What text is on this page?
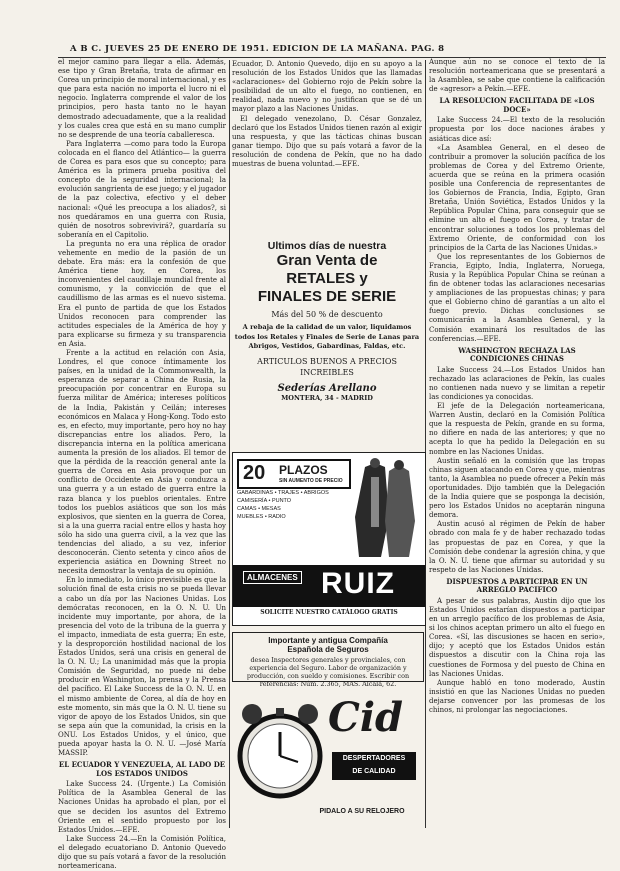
A B C. JUEVES 25 DE ENERO DE 1951. EDICION DE LA MAÑANA. PAG. 8

el mejor camino para llegar a ella. Además, ese tipo y Gran Bretaña, trata de afirmar en Corea un principio de moral internacional, y es que para esta nación no importa el lucro ni el negocio. Inglaterra comprende el valor de los principios, pero hasta tanto no le hayan demostrado adecuadamente, que a la realidad y los cuales crea que está en su mano cumplir no se desprende de una teoría caballeresca.

Para Inglaterra —como para todo la Europa colocada en el flanco del Atlántico— la guerra de Corea es para esos que su concepto; para América es la primera prueba positiva del concepto de la seguridad internacional; la evolución sangrienta de ese juego; y el jugador de la paz colectiva, efectivo y el deber nacional: «Qué les preocupa a los aliados?, si nos quedáramos en una guerra con Rusia, quién de nosotros sobrevivirá?, guardaría su soberanía en el Capitolio.

La pregunta no era una réplica de orador vehemente en medio de la pasión de un debate. Era más: era la confesión de que América tiene hoy, en Corea, los inconvenientes del caudillaje mundial frente al comunismo, y la convicción de que el caudillismo de las armas es el nuevo sistema. Era el punto de partida de que los Estados Unidos reconocen para comprender las actitudes especiales de la América de hoy y para explicarse su firmeza y su transparencia en Asia.

Frente a la actitud en relación con Asia, Londres, el que conoce íntimamente los países, en la unidad de la Commonwealth, la esperanza de separar a China de Rusia, la preocupación por concentrar en Europa su fuerza militar de América; intereses políticos de la India, Pakistán y Ceilán; intereses económicos en Malaca y Hong-Kong. Todo esto es, en efecto, muy importante, pero hoy no hay discrepancias entre los aliados. Pero, la discrepancia interna en la política americana aumenta la presión de los aliados. El temor de que la pérdida de la reacción general ante la guerra de Corea en Asia provoque por un conflicto de Occidente en Asia y conduzca a una guerra y a un estado de guerra entre la raza blanca y los pueblos orientales. Entre todos los pueblos asiáticos que son los más explosivos, que sienten en la guerra de Corea, si a la una guerra racial entre ellos y hasta hoy sólo ha sido una guerra civil, a la vez que las tendencias del aliado, a su vez, inferior desconocerán. Ciento setenta y cinco años de experiencia asiática en Downing Street no necesita demostrar la ventaja de su opinión.

En lo inmediato, lo único previsible es que la solución final de esta crisis no se pueda llevar a cabo un día por las Naciones Unidas. Los demócratas reconocen, en la O. N. U. Un incidente muy importante, por ahora, de la presencia del voto de la tribuna de la guerra y el impacto, inmediata de esta guerra; En este, y la desproporción hostilidad nacional de los Estados Unidos, será una crisis en general de la O. N. U.; La unanimidad más que la propia Comisión de Seguridad, no puede ni debe producir en Washington, la prensa y la Prensa del pacífico. El Lake Success de la O. N. U. en el mismo ambiente de Corea, al día de hoy en este momento, sin más que la O. N. U. tiene su vigor de apoyo de los Estados Unidos, sin que se sepa aún que la comunidad, la crisis en la ONU. Los Estados Unidos, y el único, que pueda apoyar hasta la O. N. U. —José María MASSIP.

EL ECUADOR Y VENEZUELA, AL LADO DE LOS ESTADOS UNIDOS

Lake Success 24. (Urgente.) La Comisión Política de la Asamblea General de las Naciones Unidas ha aprobado el plan, por el que se deciden los asuntos del Extremo Oriente en el sentido propuesto por los Estados Unidos.—EFE.

Lake Success 24.—En la Comisión Política, el delegado ecuatoriano D. Antonio Quevedo dijo que su país votará a favor de la resolución norteamericana.

Ecuador, D. Antonio Quevedo, dijo en su apoyo a la resolución de los Estados Unidos que las llamadas «aclaraciones» del Gobierno rojo de Pekín sobre la posibilidad de un alto el fuego, no contienen, en realidad, nada nuevo y no justifican que se dé un mayor plazo a las Naciones Unidas.

El delegado venezolano, D. César Gonzalez, declaró que los Estados Unidos tienen razón al exigir una respuesta, y que las tácticas chinas buscan ganar tiempo. Dijo que su país votará a favor de la resolución de condena de Pekín, que no ha dado muestras de buena voluntad.—EFE.

Ultimos días de nuestra
Gran Venta de
RETALES y
FINALES DE SERIE
Más del 50 % de descuento
A rebaja de la calidad de un valor, liquidamos todos los Retales y Finales de Serie de Lanas para Abrigos, Vestidos, Gabardinas, Faldas, etc.
ARTICULOS BUENOS A PRECIOS INCREIBLES
Sederías Arellano
MONTERA, 34 - MADRID
20 PLAZOS
SIN AUMENTO DE PRECIO
GABARDINAS • TRAJES • ABRIGOS
CAMISERÍA • PUNTO
CAMAS • MESAS
MUEBLES • RADIO
ALMACENES RUIZ
SOLICITE NUESTRO CATÁLOGO GRATIS
Importante y antigua Compañía
Española de Seguros
desea Inspectores generales y provinciales, con experiencia del Seguro. Labor de organización y producción, con sueldo y comisiones. Escribir con referencias: Núm. 2.365, MAS. Alcalá, 62.
Cid
DESPERTADORES
DE CALIDAD
PIDALO A SU RELOJERO

Aunque aún no se conoce el texto de la resolución norteamericana que se presentará a la Asamblea, se sabe que contiene la calificación de «agresor» a Pekín.—EFE.

LA RESOLUCION FACILITADA DE «LOS DOCE»

Lake Success 24.—El texto de la resolución propuesta por los doce naciones árabes y asiáticas dice así:

«La Asamblea General, en el deseo de contribuir a promover la solución pacífica de los problemas de Corea y del Extremo Oriente, acuerda que se reúna en la primera ocasión posible una Conferencia de representantes de los Gobiernos de Francia, India, Egipto, Gran Bretaña, Unión Soviética, Estados Unidos y la República Popular China, para conseguir que se elimine un alto el fuego en Corea, y tratar de encontrar soluciones a todos los problemas del Extremo Oriente, de conformidad con los principios de la Carta de las Naciones Unidas.»

Que los representantes de los Gobiernos de Francia, Egipto, India, Inglaterra, Noruega, Rusia y la República Popular China se reúnan a fin de obtener todas las aclaraciones necesarias y ampliaciones de las propuestas chinas; y para que el Gobierno chino dé garantías a un alto el fuego previo. Dichas conclusiones se comunicarán a la Asamblea General, y la Comisión examinará los resultados de las conferencias.—EFE.

WASHINGTON RECHAZA LAS CONDICIONES CHINAS

Lake Success 24.—Los Estados Unidos han rechazado las aclaraciones de Pekín, las cuales no contienen nada nuevo y se limitan a repetir las condiciones ya conocidas.

El jefe de la Delegación norteamericana, Warren Austin, declaró en la Comisión Política que la respuesta de Pekín, grande en su forma, no difiere en nada de las anteriores; y que no acepta lo que ha pedido la Delegación en su nombre en las Naciones Unidas.

Austin señaló en la comisión que las tropas chinas siguen atacando en Corea y que, mientras tanto, la Asamblea no puede ofrecer a Pekín más oportunidades. Dijo también que la Delegación de la India quiere que se posponga la decisión, pero los Estados Unidos no aceptarán ninguna demora.

Austin acusó al régimen de Pekín de haber obrado con mala fe y de haber rechazado todas las propuestas de paz en Corea, y que la Comisión debe condenar la agresión china, y que la O. N. U. tiene que afirmar su autoridad y su respeto de las Naciones Unidas.

DISPUESTOS A PARTICIPAR EN UN ARREGLO PACIFICO

A pesar de sus palabras, Austin dijo que los Estados Unidos estarían dispuestos a participar en un arreglo pacífico de los problemas de Asia, si los chinos aceptan primero un alto el fuego en Corea. «Sí, las discusiones se hacen en serio», dijo; y aceptó que los Estados Unidos están dispuestos a discutir con la China roja las cuestiones de Formosa y del puesto de China en las Naciones Unidas.

Aunque habló en tono moderado, Austin insistió en que las Naciones Unidas no pueden dejarse convencer por las promesas de los chinos, ni prolongar las negociaciones.
